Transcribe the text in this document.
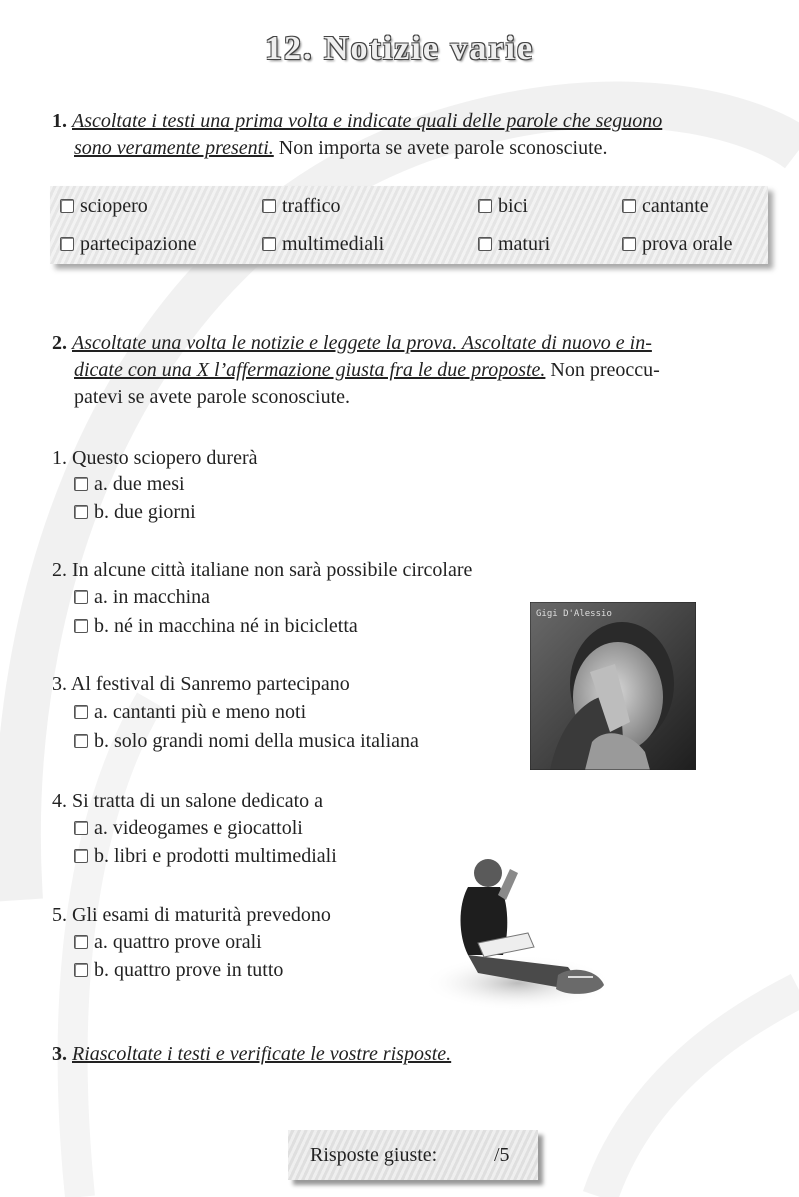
12. Notizie varie
1. Ascoltate i testi una prima volta e indicate quali delle parole che seguono
sono veramente presenti. Non importa se avete parole sconosciute.
sciopero	traffico	bici	cantante
partecipazione	multimediali	maturi	prova orale
2. Ascoltate una volta le notizie e leggete la prova. Ascoltate di nuovo e in-
dicate con una X l’affermazione giusta fra le due proposte. Non preoccu-
patevi se avete parole sconosciute.
1. Questo sciopero durerà
a. due mesi
b. due giorni
2. In alcune città italiane non sarà possibile circolare
a. in macchina
b. né in macchina né in bicicletta
3. Al festival di Sanremo partecipano
a. cantanti più e meno noti
b. solo grandi nomi della musica italiana
4. Si tratta di un salone dedicato a
a. videogames e giocattoli
b. libri e prodotti multimediali
5. Gli esami di maturità prevedono
a. quattro prove orali
b. quattro prove in tutto
Gigi D'Alessio
3. Riascoltate i testi e verificate le vostre risposte.
Risposte giuste:	/5
